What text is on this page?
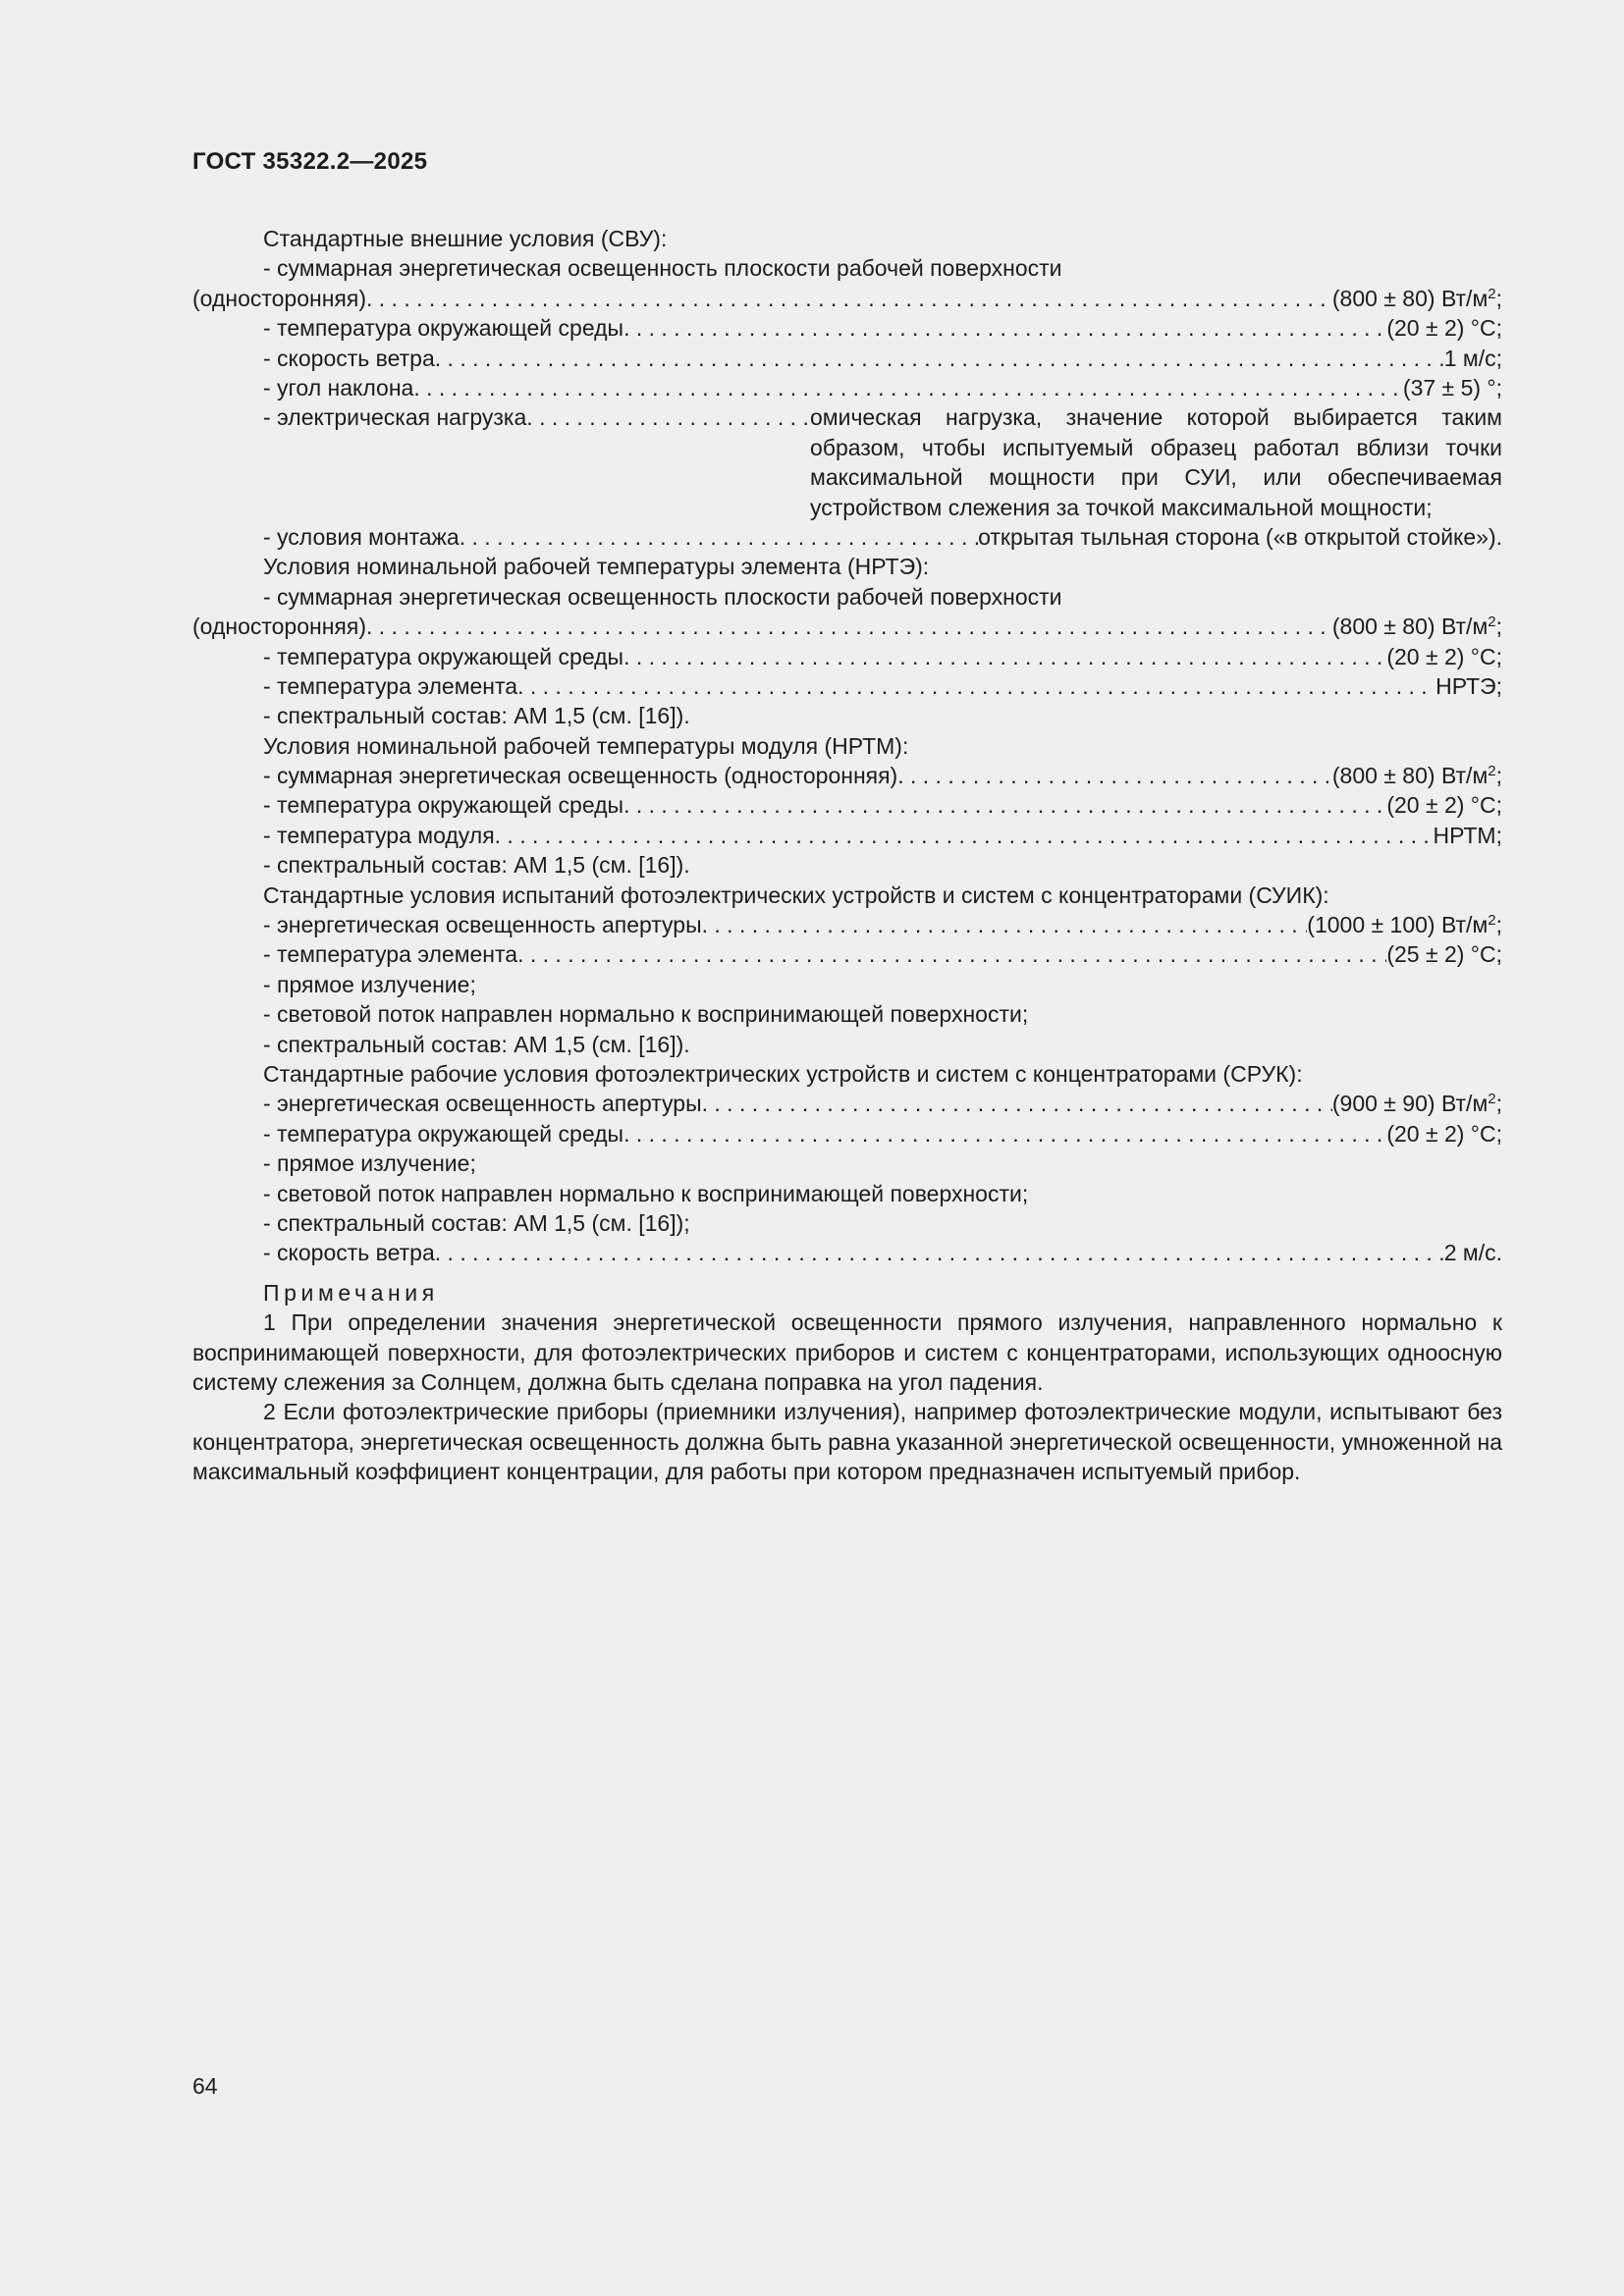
ГОСТ 35322.2—2025
Стандартные внешние условия (СВУ):
- суммарная энергетическая освещенность плоскости рабочей поверхности
(односторонняя) . . .	(800 ± 80) $Вт/м^2$;
- температура окружающей среды . . .	(20 ± 2) °С;
- скорость ветра . . .	1 м/с;
- угол наклона . . .	(37 ± 5) °;
- электрическая нагрузка . . .	омическая нагрузка, значение которой выбирается таким образом, чтобы испытуемый образец работал вблизи точки максимальной мощности при СУИ, или обеспечиваемая устройством слежения за точкой максимальной мощности;
- условия монтажа . . .	открытая тыльная сторона («в открытой стойке»).
Условия номинальной рабочей температуры элемента (НРТЭ):
- суммарная энергетическая освещенность плоскости рабочей поверхности
(односторонняя) . . .	(800 ± 80) $Вт/м^2$;
- температура окружающей среды . . .	(20 ± 2) °С;
- температура элемента . . .	НРТЭ;
- спектральный состав: АМ 1,5 (см. [16]).
Условия номинальной рабочей температуры модуля (НРТМ):
- суммарная энергетическая освещенность (односторонняя) . . .	(800 ± 80) $Вт/м^2$;
- температура окружающей среды . . .	(20 ± 2) °С;
- температура модуля . . .	НРТМ;
- спектральный состав: АМ 1,5 (см. [16]).
Стандартные условия испытаний фотоэлектрических устройств и систем с концентраторами (СУИК):
- энергетическая освещенность апертуры . . .	(1000 ± 100) $Вт/м^2$;
- температура элемента . . .	(25 ± 2) °С;
- прямое излучение;
- световой поток направлен нормально к воспринимающей поверхности;
- спектральный состав: АМ 1,5 (см. [16]).
Стандартные рабочие условия фотоэлектрических устройств и систем с концентраторами (СРУК):
- энергетическая освещенность апертуры . . .	(900 ± 90) $Вт/м^2$;
- температура окружающей среды . . .	(20 ± 2) °С;
- прямое излучение;
- световой поток направлен нормально к воспринимающей поверхности;
- спектральный состав: АМ 1,5 (см. [16]);
- скорость ветра . . .	2 м/с.
Примечания
1 При определении значения энергетической освещенности прямого излучения, направленного нормально к воспринимающей поверхности, для фотоэлектрических приборов и систем с концентраторами, использующих одноосную систему слежения за Солнцем, должна быть сделана поправка на угол падения.
2 Если фотоэлектрические приборы (приемники излучения), например фотоэлектрические модули, испытывают без концентратора, энергетическая освещенность должна быть равна указанной энергетической освещенности, умноженной на максимальный коэффициент концентрации, для работы при котором предназначен испытуемый прибор.
64
